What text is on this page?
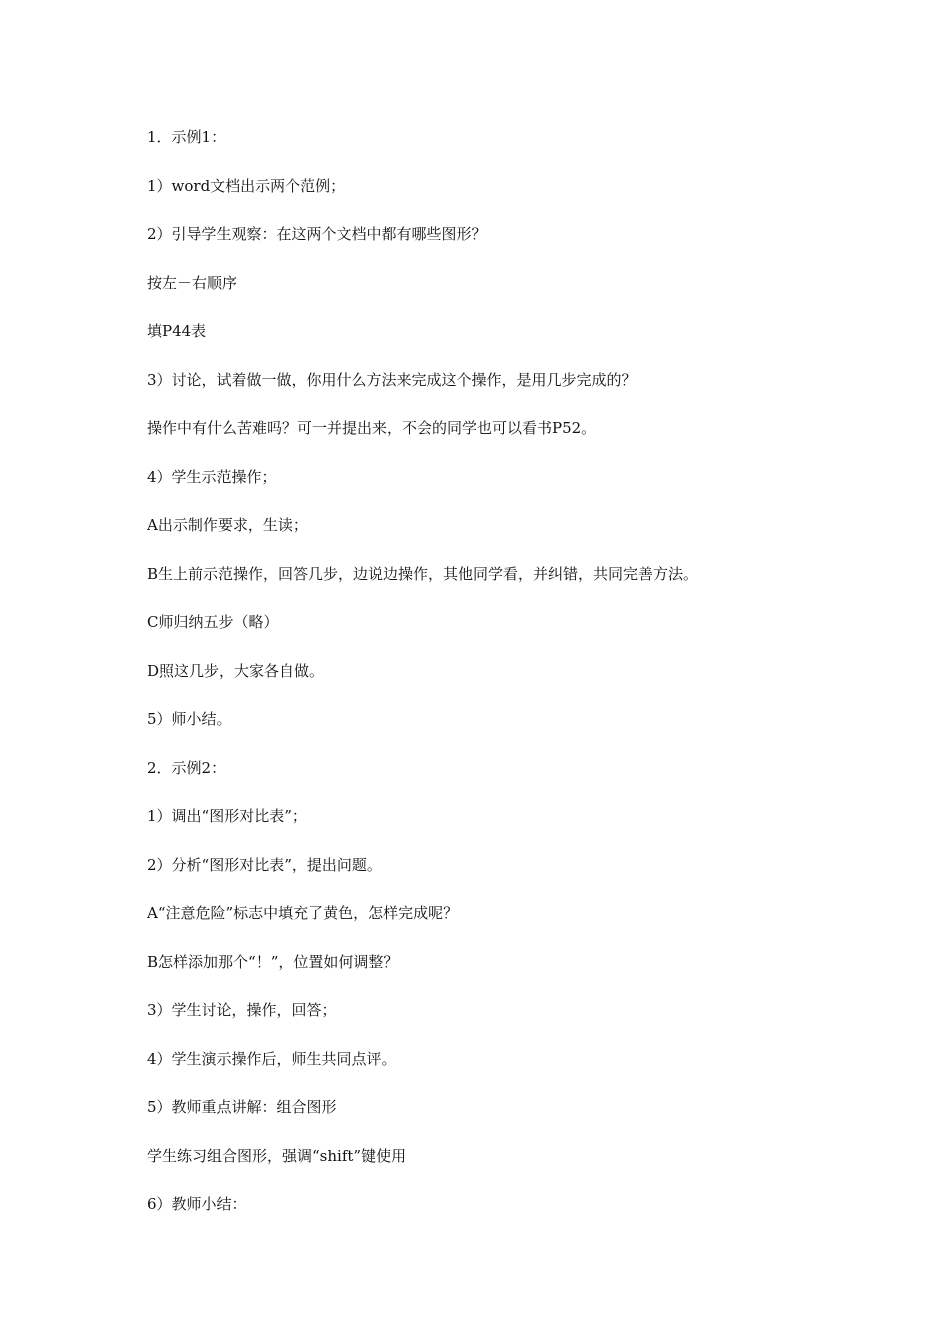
1．示例1：
1）word文档出示两个范例；
2）引导学生观察：在这两个文档中都有哪些图形？
按左－右顺序
填P44表
3）讨论，试着做一做，你用什么方法来完成这个操作，是用几步完成的？
操作中有什么苦难吗？可一并提出来，不会的同学也可以看书P52。
4）学生示范操作；
A出示制作要求，生读；
B生上前示范操作，回答几步，边说边操作，其他同学看，并纠错，共同完善方法。
C师归纳五步（略）
D照这几步，大家各自做。
5）师小结。
2．示例2：
1）调出“图形对比表”；
2）分析“图形对比表”，提出问题。
A“注意危险”标志中填充了黄色，怎样完成呢？
B怎样添加那个“！”，位置如何调整？
3）学生讨论，操作，回答；
4）学生演示操作后，师生共同点评。
5）教师重点讲解：组合图形
学生练习组合图形，强调“shift”键使用
6）教师小结：
